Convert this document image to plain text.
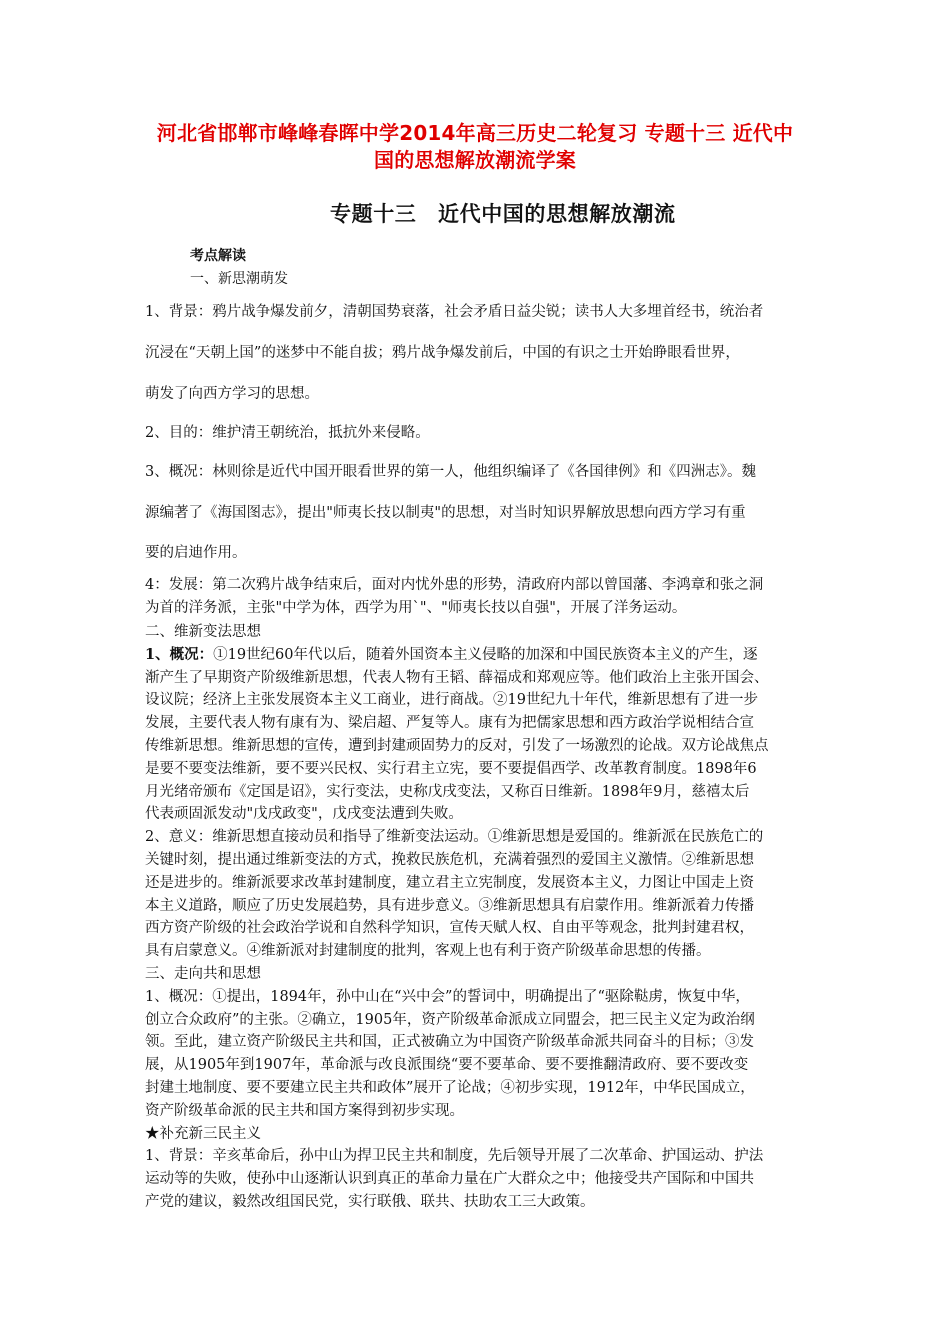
河北省邯郸市峰峰春晖中学2014年高三历史二轮复习 专题十三 近代中
国的思想解放潮流学案
专题十三　近代中国的思想解放潮流
考点解读
一、新思潮萌发
1、背景：鸦片战争爆发前夕，清朝国势衰落，社会矛盾日益尖锐；读书人大多埋首经书，统治者
沉浸在“天朝上国”的迷梦中不能自拔；鸦片战争爆发前后，中国的有识之士开始睁眼看世界，
萌发了向西方学习的思想。
2、目的：维护清王朝统治，抵抗外来侵略。
3、概况：林则徐是近代中国开眼看世界的第一人，他组织编译了《各国律例》和《四洲志》。魏
源编著了《海国图志》，提出"师夷长技以制夷"的思想，对当时知识界解放思想向西方学习有重
要的启迪作用。
4：发展：第二次鸦片战争结束后，面对内忧外患的形势，清政府内部以曾国藩、李鸿章和张之洞
为首的洋务派，主张"中学为体，西学为用`"、"师夷长技以自强"，开展了洋务运动。
二、维新变法思想
1、概况：①19世纪60年代以后，随着外国资本主义侵略的加深和中国民族资本主义的产生，逐
渐产生了早期资产阶级维新思想，代表人物有王韬、薛福成和郑观应等。他们政治上主张开国会、
设议院；经济上主张发展资本主义工商业，进行商战。②19世纪九十年代，维新思想有了进一步
发展，主要代表人物有康有为、梁启超、严复等人。康有为把儒家思想和西方政治学说相结合宣
传维新思想。维新思想的宣传，遭到封建顽固势力的反对，引发了一场激烈的论战。双方论战焦点
是要不要变法维新，要不要兴民权、实行君主立宪，要不要提倡西学、改革教育制度。1898年6
月光绪帝颁布《定国是诏》，实行变法，史称戊戌变法，又称百日维新。1898年9月，慈禧太后
代表顽固派发动"戊戌政变"，戊戌变法遭到失败。
2、意义：维新思想直接动员和指导了维新变法运动。①维新思想是爱国的。维新派在民族危亡的
关键时刻，提出通过维新变法的方式，挽救民族危机，充满着强烈的爱国主义激情。②维新思想
还是进步的。维新派要求改革封建制度，建立君主立宪制度，发展资本主义，力图让中国走上资
本主义道路，顺应了历史发展趋势，具有进步意义。③维新思想具有启蒙作用。维新派着力传播
西方资产阶级的社会政治学说和自然科学知识，宣传天赋人权、自由平等观念，批判封建君权，
具有启蒙意义。④维新派对封建制度的批判，客观上也有利于资产阶级革命思想的传播。
三、走向共和思想
1、概况：①提出，1894年，孙中山在“兴中会”的誓词中，明确提出了“驱除鞑虏，恢复中华，
创立合众政府”的主张。②确立，1905年，资产阶级革命派成立同盟会，把三民主义定为政治纲
领。至此，建立资产阶级民主共和国，正式被确立为中国资产阶级革命派共同奋斗的目标；③发
展，从1905年到1907年，革命派与改良派围绕“要不要革命、要不要推翻清政府、要不要改变
封建土地制度、要不要建立民主共和政体”展开了论战；④初步实现，1912年，中华民国成立，
资产阶级革命派的民主共和国方案得到初步实现。
★补充新三民主义
1、背景：辛亥革命后，孙中山为捍卫民主共和制度，先后领导开展了二次革命、护国运动、护法
运动等的失败，使孙中山逐渐认识到真正的革命力量在广大群众之中；他接受共产国际和中国共
产党的建议，毅然改组国民党，实行联俄、联共、扶助农工三大政策。
